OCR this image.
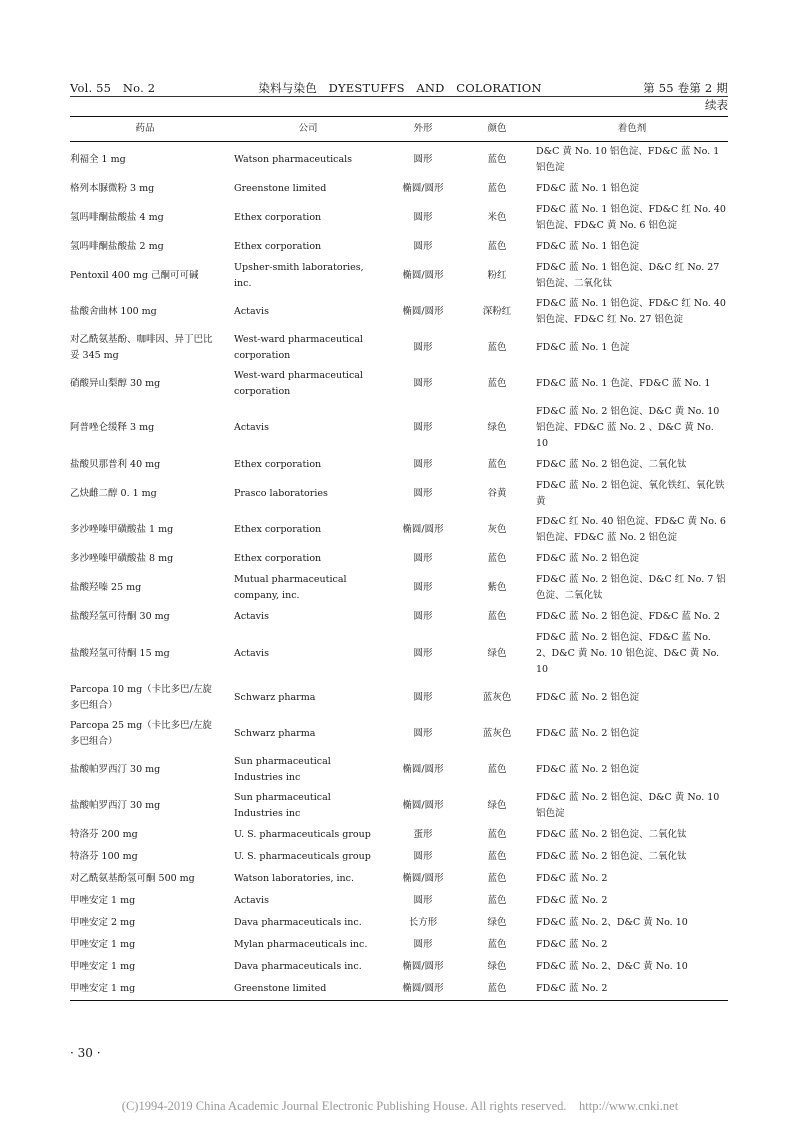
Vol. 55　No. 2	染料与染色　DYESTUFFS　AND　COLORATION	第 55 卷第 2 期
续表
药品	公司	外形	颜色	着色剂
利福全 1 mg	Watson pharmaceuticals	圆形	蓝色	D&C 黄 No. 10 铝色淀、FD&C 蓝 No. 1 铝色淀
格列本脲微粉 3 mg	Greenstone limited	椭圆/圆形	蓝色	FD&C 蓝 No. 1 铝色淀
氢吗啡酮盐酸盐 4 mg	Ethex corporation	圆形	米色	FD&C 蓝 No. 1 铝色淀、FD&C 红 No. 40 铝色淀、FD&C 黄 No. 6 铝色淀
氢吗啡酮盐酸盐 2 mg	Ethex corporation	圆形	蓝色	FD&C 蓝 No. 1 铝色淀
Pentoxil 400 mg 己酮可可碱	Upsher-smith laboratories, inc.	椭圆/圆形	粉红	FD&C 蓝 No. 1 铝色淀、D&C 红 No. 27 铝色淀、二氧化钛
盐酸舍曲林 100 mg	Actavis	椭圆/圆形	深粉红	FD&C 蓝 No. 1 铝色淀、FD&C 红 No. 40 铝色淀、FD&C 红 No. 27 铝色淀
对乙酰氨基酚、咖啡因、异丁巴比妥 345 mg	West-ward pharmaceutical corporation	圆形	蓝色	FD&C 蓝 No. 1 色淀
硝酸异山梨醇 30 mg	West-ward pharmaceutical corporation	圆形	蓝色	FD&C 蓝 No. 1 色淀、FD&C 蓝 No. 1
阿普唑仑缓释 3 mg	Actavis	圆形	绿色	FD&C 蓝 No. 2 铝色淀、D&C 黄 No. 10 铝色淀、FD&C 蓝 No. 2 、D&C 黄 No. 10
盐酸贝那普利 40 mg	Ethex corporation	圆形	蓝色	FD&C 蓝 No. 2 铝色淀、二氧化钛
乙炔雌二醇 0. 1 mg	Prasco laboratories	圆形	谷黄	FD&C 蓝 No. 2 铝色淀、氧化铁红、氧化铁黄
多沙唑嗪甲磺酸盐 1 mg	Ethex corporation	椭圆/圆形	灰色	FD&C 红 No. 40 铝色淀、FD&C 黄 No. 6 铝色淀、FD&C 蓝 No. 2 铝色淀
多沙唑嗪甲磺酸盐 8 mg	Ethex corporation	圆形	蓝色	FD&C 蓝 No. 2 铝色淀
盐酸羟嗪 25 mg	Mutual pharmaceutical company, inc.	圆形	紫色	FD&C 蓝 No. 2 铝色淀、D&C 红 No. 7 铝色淀、二氧化钛
盐酸羟氢可待酮 30 mg	Actavis	圆形	蓝色	FD&C 蓝 No. 2 铝色淀、FD&C 蓝 No. 2
盐酸羟氢可待酮 15 mg	Actavis	圆形	绿色	FD&C 蓝 No. 2 铝色淀、FD&C 蓝 No. 2、D&C 黄 No. 10 铝色淀、D&C 黄 No. 10
Parcopa 10 mg（卡比多巴/左旋多巴组合）	Schwarz pharma	圆形	蓝灰色	FD&C 蓝 No. 2 铝色淀
Parcopa 25 mg（卡比多巴/左旋多巴组合）	Schwarz pharma	圆形	蓝灰色	FD&C 蓝 No. 2 铝色淀
盐酸帕罗西汀 30 mg	Sun pharmaceutical Industries inc	椭圆/圆形	蓝色	FD&C 蓝 No. 2 铝色淀
盐酸帕罗西汀 30 mg	Sun pharmaceutical Industries inc	椭圆/圆形	绿色	FD&C 蓝 No. 2 铝色淀、D&C 黄 No. 10 铝色淀
特洛芬 200 mg	U. S. pharmaceuticals group	蛋形	蓝色	FD&C 蓝 No. 2 铝色淀、二氧化钛
特洛芬 100 mg	U. S. pharmaceuticals group	圆形	蓝色	FD&C 蓝 No. 2 铝色淀、二氧化钛
对乙酰氨基酚氢可酮 500 mg	Watson laboratories, inc.	椭圆/圆形	蓝色	FD&C 蓝 No. 2
甲唑安定 1 mg	Actavis	圆形	蓝色	FD&C 蓝 No. 2
甲唑安定 2 mg	Dava pharmaceuticals inc.	长方形	绿色	FD&C 蓝 No. 2、D&C 黄 No. 10
甲唑安定 1 mg	Mylan pharmaceuticals inc.	圆形	蓝色	FD&C 蓝 No. 2
甲唑安定 1 mg	Dava pharmaceuticals inc.	椭圆/圆形	绿色	FD&C 蓝 No. 2、D&C 黄 No. 10
甲唑安定 1 mg	Greenstone limited	椭圆/圆形	蓝色	FD&C 蓝 No. 2
· 30 ·
(C)1994-2019 China Academic Journal Electronic Publishing House. All rights reserved.　http://www.cnki.net
